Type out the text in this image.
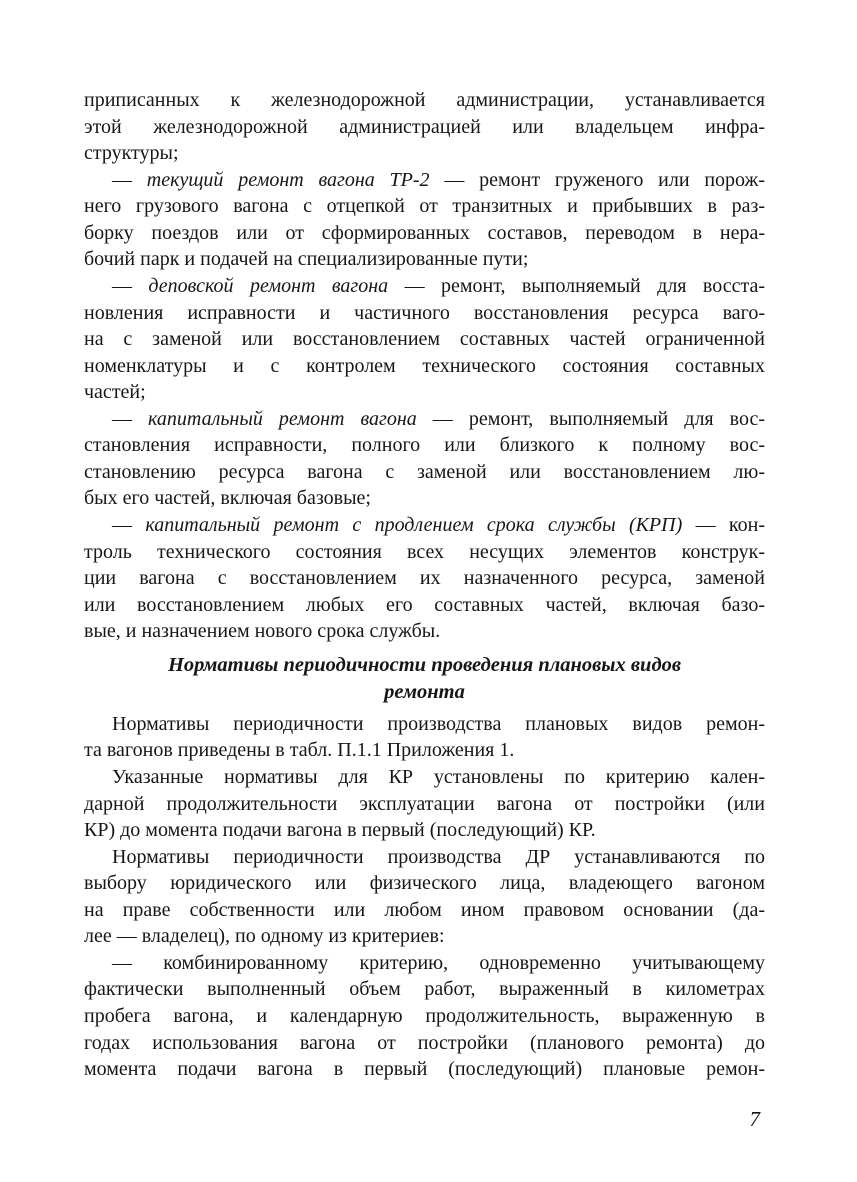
приписанных к железнодорожной администрации, устанавливается
этой железнодорожной администрацией или владельцем инфра-
структуры;
— текущий ремонт вагона ТР-2 — ремонт груженого или порож-
него грузового вагона с отцепкой от транзитных и прибывших в раз-
борку поездов или от сформированных составов, переводом в нера-
бочий парк и подачей на специализированные пути;
— деповской ремонт вагона — ремонт, выполняемый для восста-
новления исправности и частичного восстановления ресурса ваго-
на с заменой или восстановлением составных частей ограниченной
номенклатуры и с контролем технического состояния составных
частей;
— капитальный ремонт вагона — ремонт, выполняемый для вос-
становления исправности, полного или близкого к полному вос-
становлению ресурса вагона с заменой или восстановлением лю-
бых его частей, включая базовые;
— капитальный ремонт с продлением срока службы (КРП) — кон-
троль технического состояния всех несущих элементов конструк-
ции вагона с восстановлением их назначенного ресурса, заменой
или восстановлением любых его составных частей, включая базо-
вые, и назначением нового срока службы.
Нормативы периодичности проведения плановых видов
ремонта
Нормативы периодичности производства плановых видов ремон-
та вагонов приведены в табл. П.1.1 Приложения 1.
Указанные нормативы для КР установлены по критерию кален-
дарной продолжительности эксплуатации вагона от постройки (или
КР) до момента подачи вагона в первый (последующий) КР.
Нормативы периодичности производства ДР устанавливаются по
выбору юридического или физического лица, владеющего вагоном
на праве собственности или любом ином правовом основании (да-
лее — владелец), по одному из критериев:
— комбинированному критерию, одновременно учитывающему
фактически выполненный объем работ, выраженный в километрах
пробега вагона, и календарную продолжительность, выраженную в
годах использования вагона от постройки (планового ремонта) до
момента подачи вагона в первый (последующий) плановые ремон-
7
